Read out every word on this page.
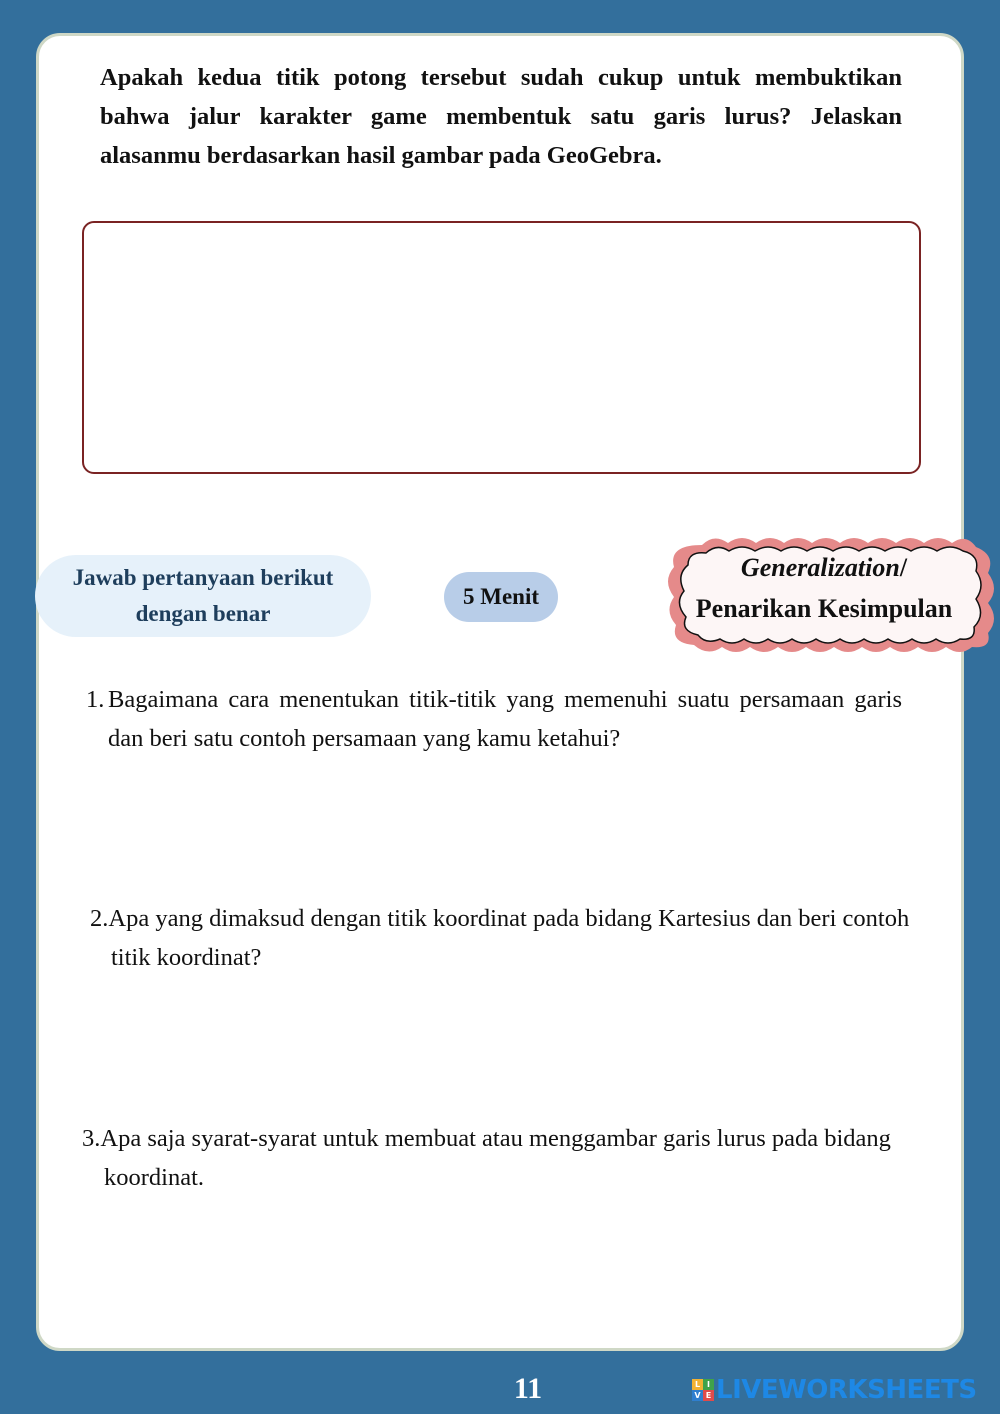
Apakah kedua titik potong tersebut sudah cukup untuk membuktikan bahwa jalur karakter game membentuk satu garis lurus? Jelaskan alasanmu berdasarkan hasil gambar pada GeoGebra.

Jawab pertanyaan berikut
dengan benar
5 Menit
Generalization/
Penarikan Kesimpulan
1. Bagaimana cara menentukan titik-titik yang memenuhi suatu persamaan garis dan beri satu contoh persamaan yang kamu ketahui?
2.Apa yang dimaksud dengan titik koordinat pada bidang Kartesius dan beri contoh titik koordinat?
3.Apa saja syarat-syarat untuk membuat atau menggambar garis lurus pada bidang koordinat.
11	L I
V E LIVEWORKSHEETS
